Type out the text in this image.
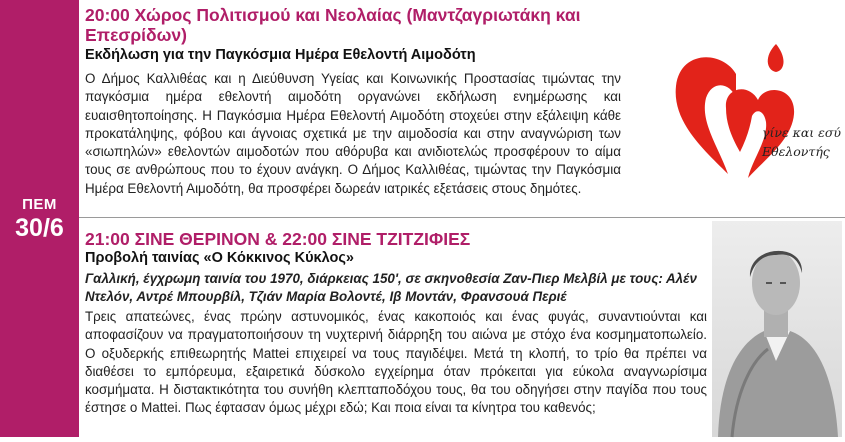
ΠΕΜ
30/6
20:00 Χώρος Πολιτισμού και Νεολαίας (Μαντζαγριωτάκη και Επεσρίδων)
Εκδήλωση για την Παγκόσμια Ημέρα Εθελοντή Αιμοδότη
Ο Δήμος Καλλιθέας και η Διεύθυνση Υγείας και Κοινωνικής Προστασίας τιμώντας την παγκόσμια ημέρα εθελοντή αιμοδότη οργανώνει εκδήλωση ενημέρωσης και ευαισθητοποίησης. Η Παγκόσμια Ημέρα Εθελοντή Αιμοδότη στοχεύει στην εξάλειψη κάθε προκατάληψης, φόβου και άγνοιας σχετικά με την αιμοδοσία και στην αναγνώριση των «σιωπηλών» εθελοντών αιμοδοτών που αθόρυβα και ανιδιοτελώς προσφέρουν το αίμα τους σε ανθρώπους που το έχουν ανάγκη. Ο Δήμος Καλλιθέας, τιμώντας την Παγκόσμια Ημέρα Εθελοντή Αιμοδότη, θα προσφέρει δωρεάν ιατρικές εξετάσεις στους δημότες.
γίνε και εσύ
Εθελοντής
21:00 ΣΙΝΕ ΘΕΡΙΝΟΝ & 22:00 ΣΙΝΕ ΤΖΙΤΖΙΦΙΕΣ
Προβολή ταινίας «Ο Κόκκινος Κύκλος»
Γαλλική, έγχρωμη ταινία του 1970, διάρκειας 150', σε σκηνοθεσία Ζαν-Πιερ Μελβίλ με τους: Αλέν Ντελόν, Αντρέ Μπουρβίλ, Τζιάν Μαρία Βολοντέ, Ιβ Μοντάν, Φρανσουά Περιέ
Τρεις απατεώνες, ένας πρώην αστυνομικός, ένας κακοποιός και ένας φυγάς, συναντιούνται και αποφασίζουν να πραγματοποιήσουν τη νυχτερινή διάρρηξη του αιώνα με στόχο ένα κοσμηματοπωλείο. Ο οξυδερκής επιθεωρητής Mattei επιχειρεί να τους παγιδέψει. Μετά τη κλοπή, το τρίο θα πρέπει να διαθέσει το εμπόρευμα, εξαιρετικά δύσκολο εγχείρημα όταν πρόκειται για εύκολα αναγνωρίσιμα κοσμήματα. Η διστακτικότητα του συνήθη κλεπταποδόχου τους, θα του οδηγήσει στην παγίδα που τους έστησε ο Mattei. Πως έφτασαν όμως μέχρι εδώ; Και ποια είναι τα κίνητρα του καθενός;
